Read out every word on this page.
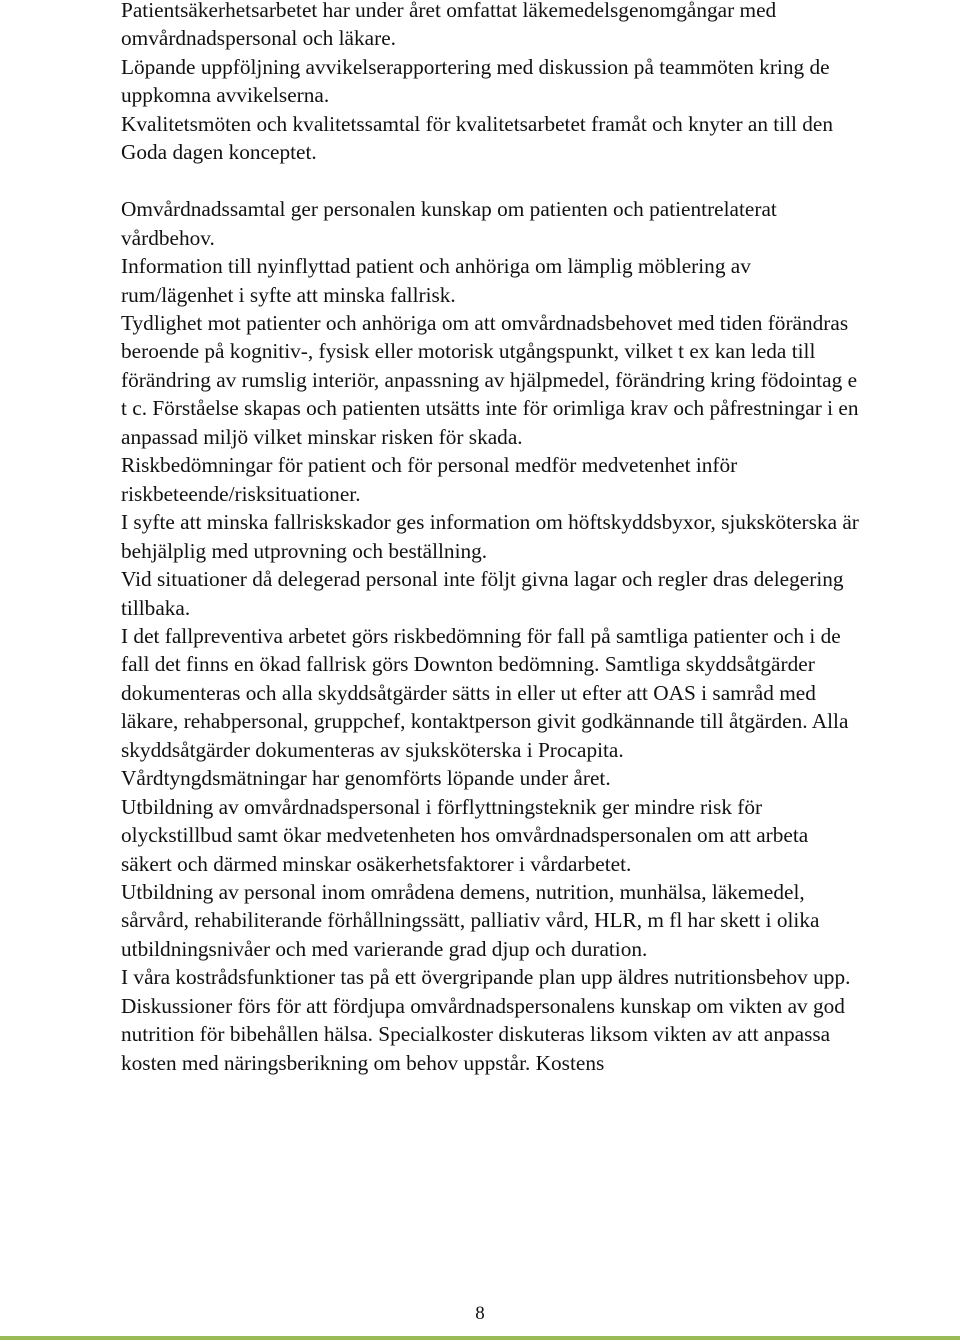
Patientsäkerhetsarbetet har under året omfattat läkemedelsgenomgångar med omvårdnadspersonal och läkare.

Löpande uppföljning avvikelserapportering med diskussion på teammöten kring de uppkomna avvikelserna.

Kvalitetsmöten och kvalitetssamtal för kvalitetsarbetet framåt och knyter an till den Goda dagen konceptet.

Omvårdnadssamtal ger personalen kunskap om patienten och patientrelaterat vårdbehov.

Information till nyinflyttad patient och anhöriga om lämplig möblering av rum/lägenhet i syfte att minska fallrisk.

Tydlighet mot patienter och anhöriga om att omvårdnadsbehovet med tiden förändras beroende på kognitiv-, fysisk eller motorisk utgångspunkt, vilket t ex kan leda till förändring av rumslig interiör, anpassning av hjälpmedel, förändring kring födointag e t c. Förståelse skapas och patienten utsätts inte för orimliga krav och påfrestningar i en anpassad miljö vilket minskar risken för skada.

Riskbedömningar för patient och för personal medför medvetenhet inför riskbeteende/risksituationer.

I syfte att minska fallriskskador ges information om höftskyddsbyxor, sjuksköterska är behjälplig med utprovning och beställning.

Vid situationer då delegerad personal inte följt givna lagar och regler dras delegering tillbaka.

I det fallpreventiva arbetet görs riskbedömning för fall på samtliga patienter och i de fall det finns en ökad fallrisk görs Downton bedömning. Samtliga skyddsåtgärder dokumenteras och alla skyddsåtgärder sätts in eller ut efter att OAS i samråd med läkare, rehabpersonal, gruppchef, kontaktperson givit godkännande till åtgärden. Alla skyddsåtgärder dokumenteras av sjuksköterska i Procapita.

Vårdtyngdsmätningar har genomförts löpande under året.

Utbildning av omvårdnadspersonal i förflyttningsteknik ger mindre risk för olyckstillbud samt ökar medvetenheten hos omvårdnadspersonalen om att arbeta säkert och därmed minskar osäkerhetsfaktorer i vårdarbetet.

Utbildning av personal inom områdena demens, nutrition, munhälsa, läkemedel, sårvård, rehabiliterande förhållningssätt, palliativ vård, HLR, m fl har skett i olika utbildningsnivåer och med varierande grad djup och duration.

I våra kostrådsfunktioner tas på ett övergripande plan upp äldres nutritionsbehov upp. Diskussioner förs för att fördjupa omvårdnadspersonalens kunskap om vikten av god nutrition för bibehållen hälsa. Specialkoster diskuteras liksom vikten av att anpassa kosten med näringsberikning om behov uppstår. Kostens

8
